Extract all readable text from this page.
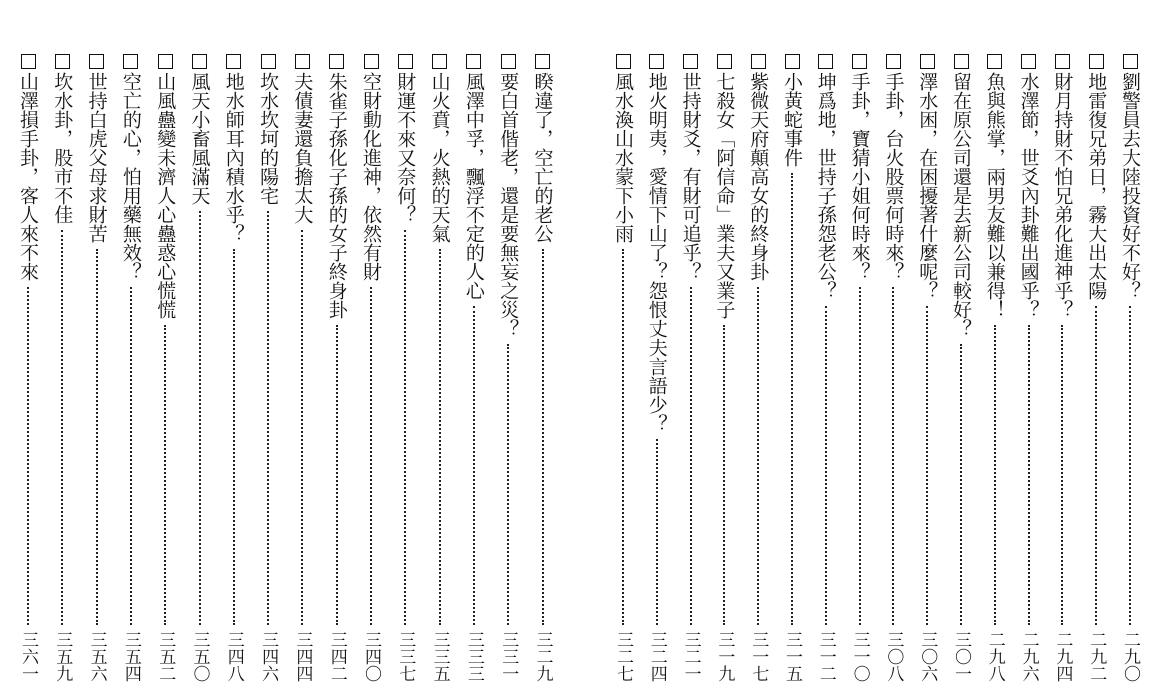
睽違了，空亡的老公
三二九
要白首偕老，還是要無妄之災？
三三一
風澤中孚，飄浮不定的人心
三三三
山火賁，火熱的天氣
三三五
財運不來又奈何？
三三七
空財動化進神，依然有財
三四〇
朱雀子孫化子孫的女子終身卦
三四二
夫債妻還負擔太大
三四四
坎水坎坷的陽宅
三四六
地水師耳內積水乎？
三四八
風天小畜風滿天
三五〇
山風蠱變未濟人心蠱惑心慌慌
三五二
空亡的心，怕用藥無效？
三五四
世持白虎父母求財苦
三五六
坎水卦，股市不佳
三五九
山澤損手卦，客人來不來
三六一
劉警員去大陸投資好不好？
二九〇
地雷復兄弟日，霧大出太陽
二九二
財月持財不怕兄弟化進神乎？
二九四
水澤節，世爻內卦難出國乎？
二九六
魚與熊掌，兩男友難以兼得！
二九八
留在原公司還是去新公司較好？
三〇一
澤水困，在困擾著什麼呢？
三〇六
手卦，台火股票何時來？
三〇八
手卦，寶猜小姐何時來？
三一〇
坤爲地，世持子孫怨老公？
三一二
小黃蛇事件
三一五
紫微天府顛高女的終身卦
三一七
七殺女「阿信命」業夫又業子
三一九
世持財爻，有財可追乎？
三二一
地火明夷，愛情下山了？怨恨丈夫言語少？
三二四
風水渙山水蒙下小雨
三二七
